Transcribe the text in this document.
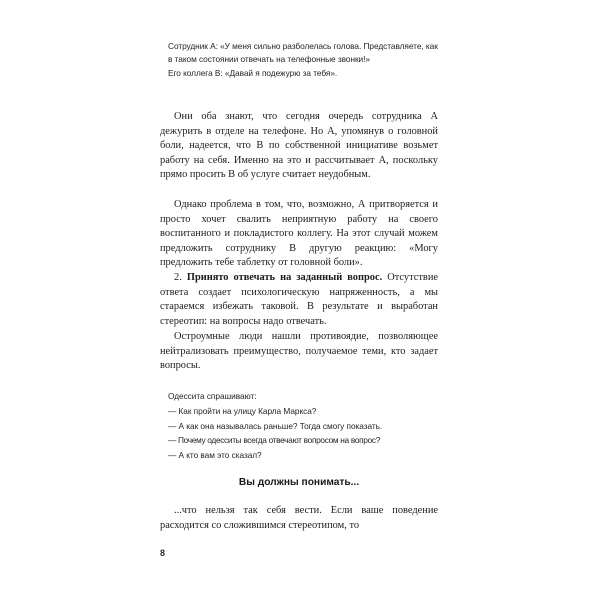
Сотрудник А: «У меня сильно разболелась голова. Представляете, как в таком состоянии отвечать на телефонные звонки!»

Его коллега В: «Давай я подежурю за тебя».

Они оба знают, что сегодня очередь сотрудника А дежурить в отделе на телефоне. Но А, упомянув о головной боли, надеется, что В по собственной инициативе возьмет работу на себя. Именно на это и рассчитывает А, поскольку прямо просить В об услуге считает неудобным.

Однако проблема в том, что, возможно, А притворяется и просто хочет свалить неприятную работу на своего воспитанного и покладистого коллегу. На этот случай можем предложить сотруднику В другую реакцию: «Могу предложить тебе таблетку от головной боли».

2. Принято отвечать на заданный вопрос. Отсутствие ответа создает психологическую напряженность, а мы стараемся избежать таковой. В результате и выработан стереотип: на вопросы надо отвечать.

Остроумные люди нашли противоядие, позволяющее нейтрализовать преимущество, получаемое теми, кто задает вопросы.

Одессита спрашивают:

— Как пройти на улицу Карла Маркса?

— А как она называлась раньше? Тогда смогу показать.

— Почему одесситы всегда отвечают вопросом на вопрос?

— А кто вам это сказал?

Вы должны понимать...

...что нельзя так себя вести. Если ваше поведение расходится со сложившимся стереотипом, то

8
